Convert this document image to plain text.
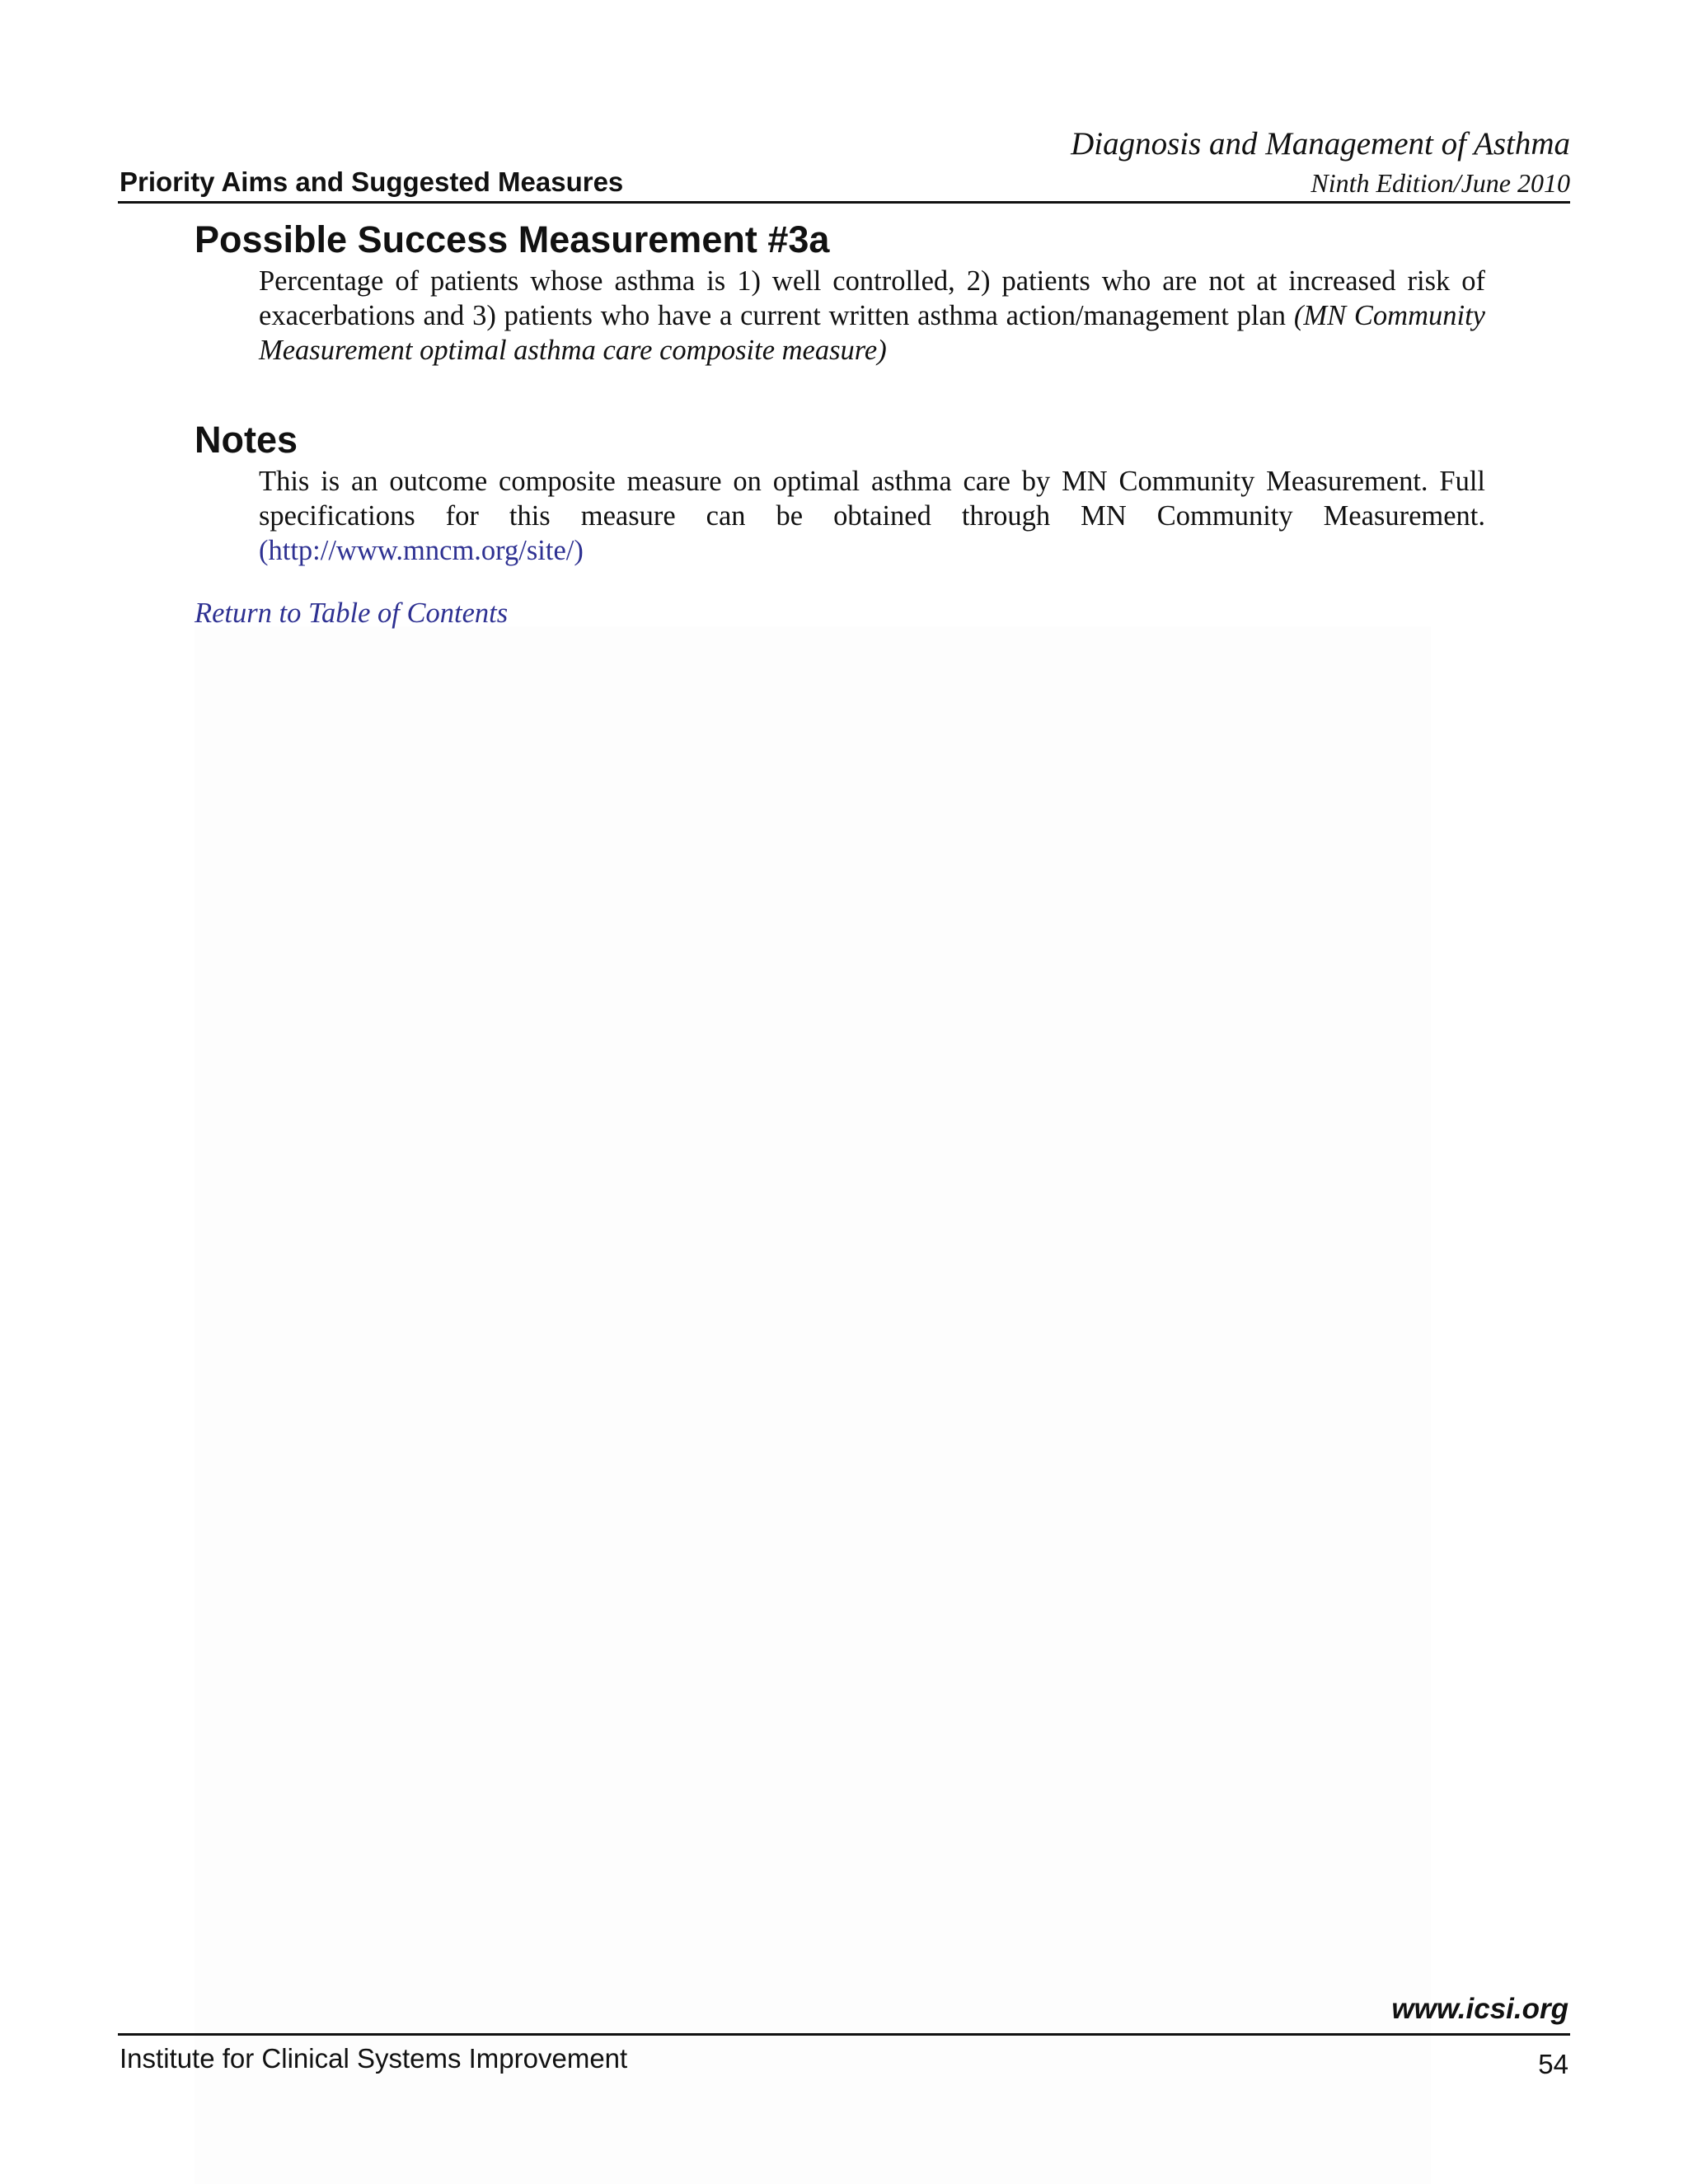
Diagnosis and Management of Asthma
Priority Aims and Suggested Measures	Ninth Edition/June 2010
Possible Success Measurement #3a

Percentage of patients whose asthma is 1) well controlled, 2) patients who are not at increased risk of exacerbations and 3) patients who have a current written asthma action/management plan (MN Community Measurement optimal asthma care composite measure)

Notes

This is an outcome composite measure on optimal asthma care by MN Community Measurement. Full specifications for this measure can be obtained through MN Community Measurement. (http://www.mncm.org/site/)

Return to Table of Contents
www.icsi.org
Institute for Clinical Systems Improvement	54
